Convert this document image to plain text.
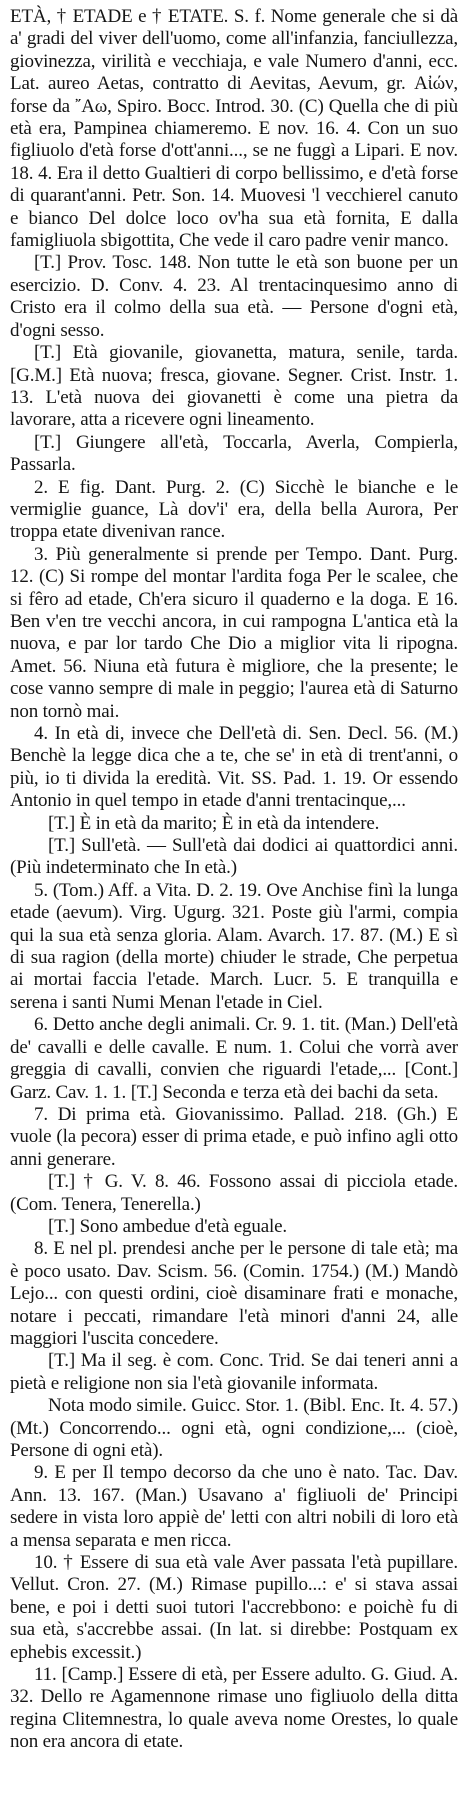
ETÀ, † ETADE e † ETATE. S. f. Nome generale che si dà a' gradi del viver dell'uomo, come all'infanzia, fanciullezza, giovinezza, virilità e vecchiaja, e vale Numero d'anni, ecc. Lat. aureo Aetas, contratto di Aevitas, Aevum, gr. Αἰών, forse da ῎Αω, Spiro. Bocc. Introd. 30. (C) Quella che di più età era, Pampinea chiameremo. E nov. 16. 4. Con un suo figliuolo d'età forse d'ott'anni..., se ne fuggì a Lipari. E nov. 18. 4. Era il detto Gualtieri di corpo bellissimo, e d'età forse di quarant'anni. Petr. Son. 14. Muovesi 'l vecchierel canuto e bianco Del dolce loco ov'ha sua età fornita, E dalla famigliuola sbigottita, Che vede il caro padre venir manco.

[T.] Prov. Tosc. 148. Non tutte le età son buone per un esercizio. D. Conv. 4. 23. Al trentacinquesimo anno di Cristo era il colmo della sua età. — Persone d'ogni età, d'ogni sesso.

[T.] Età giovanile, giovanetta, matura, senile, tarda. [G.M.] Età nuova; fresca, giovane. Segner. Crist. Instr. 1. 13. L'età nuova dei giovanetti è come una pietra da lavorare, atta a ricevere ogni lineamento.

[T.] Giungere all'età, Toccarla, Averla, Compierla, Passarla.

2. E fig. Dant. Purg. 2. (C) Sicchè le bianche e le vermiglie guance, Là dov'i' era, della bella Aurora, Per troppa etate divenivan rance.

3. Più generalmente si prende per Tempo. Dant. Purg. 12. (C) Si rompe del montar l'ardita foga Per le scalee, che si fêro ad etade, Ch'era sicuro il quaderno e la doga. E 16. Ben v'en tre vecchi ancora, in cui rampogna L'antica età la nuova, e par lor tardo Che Dio a miglior vita li ripogna. Amet. 56. Niuna età futura è migliore, che la presente; le cose vanno sempre di male in peggio; l'aurea età di Saturno non tornò mai.

4. In età di, invece che Dell'età di. Sen. Decl. 56. (M.) Benchè la legge dica che a te, che se' in età di trent'anni, o più, io ti divida la eredità. Vit. SS. Pad. 1. 19. Or essendo Antonio in quel tempo in etade d'anni trentacinque,...

[T.] È in età da marito; È in età da intendere.

[T.] Sull'età. — Sull'età dai dodici ai quattordici anni. (Più indeterminato che In età.)

5. (Tom.) Aff. a Vita. D. 2. 19. Ove Anchise finì la lunga etade (aevum). Virg. Ugurg. 321. Poste giù l'armi, compia qui la sua età senza gloria. Alam. Avarch. 17. 87. (M.) E sì di sua ragion (della morte) chiuder le strade, Che perpetua ai mortai faccia l'etade. March. Lucr. 5. E tranquilla e serena i santi Numi Menan l'etade in Ciel.

6. Detto anche degli animali. Cr. 9. 1. tit. (Man.) Dell'età de' cavalli e delle cavalle. E num. 1. Colui che vorrà aver greggia di cavalli, convien che riguardi l'etade,... [Cont.] Garz. Cav. 1. 1. [T.] Seconda e terza età dei bachi da seta.

7. Di prima età. Giovanissimo. Pallad. 218. (Gh.) E vuole (la pecora) esser di prima etade, e può infino agli otto anni generare.

[T.] † G. V. 8. 46. Fossono assai di picciola etade. (Com. Tenera, Tenerella.)

[T.] Sono ambedue d'età eguale.

8. E nel pl. prendesi anche per le persone di tale età; ma è poco usato. Dav. Scism. 56. (Comin. 1754.) (M.) Mandò Lejo... con questi ordini, cioè disaminare frati e monache, notare i peccati, rimandare l'età minori d'anni 24, alle maggiori l'uscita concedere.

[T.] Ma il seg. è com. Conc. Trid. Se dai teneri anni a pietà e religione non sia l'età giovanile informata.

Nota modo simile. Guicc. Stor. 1. (Bibl. Enc. It. 4. 57.) (Mt.) Concorrendo... ogni età, ogni condizione,... (cioè, Persone di ogni età).

9. E per Il tempo decorso da che uno è nato. Tac. Dav. Ann. 13. 167. (Man.) Usavano a' figliuoli de' Principi sedere in vista loro appiè de' letti con altri nobili di loro età a mensa separata e men ricca.

10. † Essere di sua età vale Aver passata l'età pupillare. Vellut. Cron. 27. (M.) Rimase pupillo...: e' si stava assai bene, e poi i detti suoi tutori l'accrebbono: e poichè fu di sua età, s'accrebbe assai. (In lat. si direbbe: Postquam ex ephebis excessit.)

11. [Camp.] Essere di età, per Essere adulto. G. Giud. A. 32. Dello re Agamennone rimase uno figliuolo della ditta regina Clitemnestra, lo quale aveva nome Orestes, lo quale non era ancora di etate.
